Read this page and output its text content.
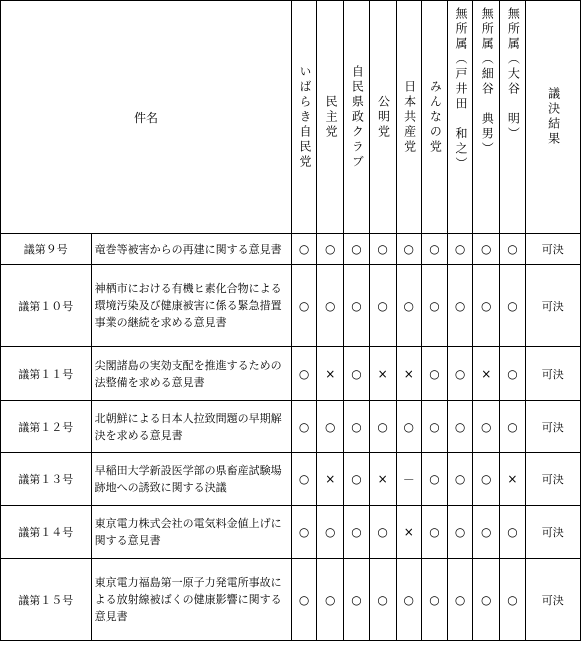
件名		いばらき自民党	民主党	自民県政クラブ	公明党	日本共産党	みんなの党	無所属（戸井田　和之）	無所属（細谷　典男）	無所属（大谷　明）	議決結果

議第９号	竜巻等被害からの再建に関する意見書	○	○	○	○	○	○	○	○	○	可決
議第１０号	神栖市における有機ヒ素化合物による環境汚染及び健康被害に係る緊急措置事業の継続を求める意見書	○	○	○	○	○	○	○	○	○	可決
議第１１号	尖閣諸島の実効支配を推進するための法整備を求める意見書	○	×	○	×	×	○	○	×	○	可決
議第１２号	北朝鮮による日本人拉致問題の早期解決を求める意見書	○	○	○	○	○	○	○	○	○	可決
議第１３号	早稲田大学新設医学部の県畜産試験場跡地への誘致に関する決議	○	×	○	×	－	○	○	○	×	可決
議第１４号	東京電力株式会社の電気料金値上げに関する意見書	○	○	○	○	×	○	○	○	○	可決
議第１５号	東京電力福島第一原子力発電所事故による放射線被ばくの健康影響に関する意見書	○	○	○	○	○	○	○	○	○	可決
